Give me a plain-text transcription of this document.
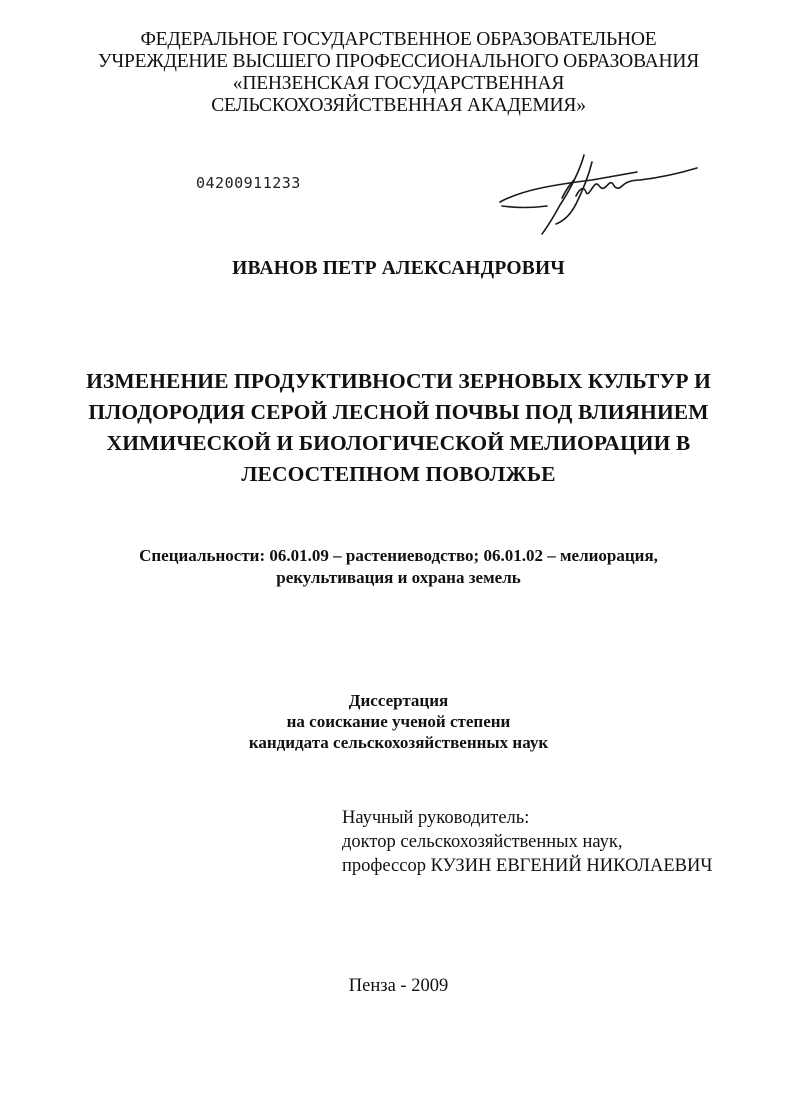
ФЕДЕРАЛЬНОЕ ГОСУДАРСТВЕННОЕ ОБРАЗОВАТЕЛЬНОЕ
УЧРЕЖДЕНИЕ ВЫСШЕГО ПРОФЕССИОНАЛЬНОГО ОБРАЗОВАНИЯ
«ПЕНЗЕНСКАЯ ГОСУДАРСТВЕННАЯ
СЕЛЬСКОХОЗЯЙСТВЕННАЯ АКАДЕМИЯ»
04200911233
ИВАНОВ ПЕТР АЛЕКСАНДРОВИЧ
ИЗМЕНЕНИЕ ПРОДУКТИВНОСТИ ЗЕРНОВЫХ КУЛЬТУР И
ПЛОДОРОДИЯ СЕРОЙ ЛЕСНОЙ ПОЧВЫ ПОД ВЛИЯНИЕМ
ХИМИЧЕСКОЙ И БИОЛОГИЧЕСКОЙ МЕЛИОРАЦИИ В
ЛЕСОСТЕПНОМ ПОВОЛЖЬЕ
Специальности: 06.01.09 – растениеводство; 06.01.02 – мелиорация,
рекультивация и охрана земель
Диссертация
на соискание ученой степени
кандидата сельскохозяйственных наук
Научный руководитель:
доктор сельскохозяйственных наук,
профессор КУЗИН ЕВГЕНИЙ НИКОЛАЕВИЧ
Пенза - 2009
